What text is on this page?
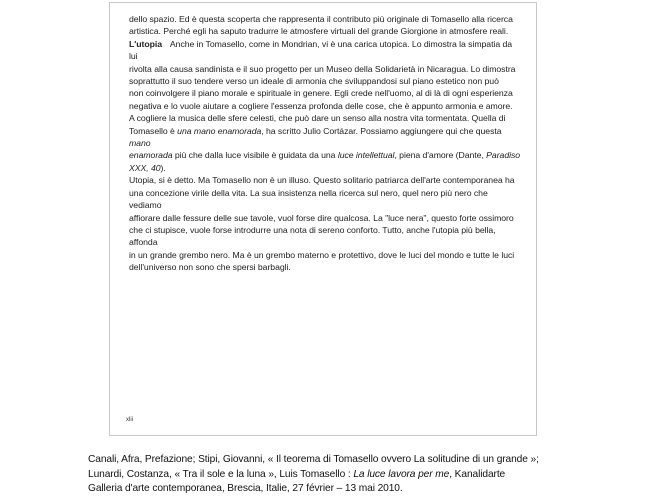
dello spazio. Ed è questa scoperta che rappresenta il contributo più originale di Tomasello alla ricerca
artistica. Perché egli ha saputo tradurre le atmosfere virtuali del grande Giorgione in atmosfere reali.

L'utopia Anche in Tomasello, come in Mondrian, vi è una carica utopica. Lo dimostra la simpatia da lui
rivolta alla causa sandinista e il suo progetto per un Museo della Solidarietà in Nicaragua. Lo dimostra
soprattutto il suo tendere verso un ideale di armonia che sviluppandosi sul piano estetico non può
non coinvolgere il piano morale e spirituale in genere. Egli crede nell'uomo, al di là di ogni esperienza
negativa e lo vuole aiutare a cogliere l'essenza profonda delle cose, che è appunto armonia e amore.
A cogliere la musica delle sfere celesti, che può dare un senso alla nostra vita tormentata. Quella di
Tomasello è una mano enamorada, ha scritto Julio Cortázar. Possiamo aggiungere qui che questa mano
enamorada più che dalla luce visibile è guidata da una luce intellettual, piena d'amore (Dante, Paradiso
XXX, 40).

Utopia, si è detto. Ma Tomasello non è un illuso. Questo solitario patriarca dell'arte contemporanea ha
una concezione virile della vita. La sua insistenza nella ricerca sul nero, quel nero più nero che vediamo
affiorare dalle fessure delle sue tavole, vuol forse dire qualcosa. La "luce nera", questo forte ossimoro
che ci stupisce, vuole forse introdurre una nota di sereno conforto. Tutto, anche l'utopia più bella, affonda
in un grande grembo nero. Ma è un grembo materno e protettivo, dove le luci del mondo e tutte le luci
dell'universo non sono che spersi barbagli.

xlii
Canali, Afra, Prefazione; Stipi, Giovanni, « Il teorema di Tomasello ovvero La solitudine di un grande »;
Lunardi, Costanza, « Tra il sole e la luna », Luis Tomasello : La luce lavora per me, Kanalidarte
Galleria d'arte contemporanea, Brescia, Italie, 27 février – 13 mai 2010.
